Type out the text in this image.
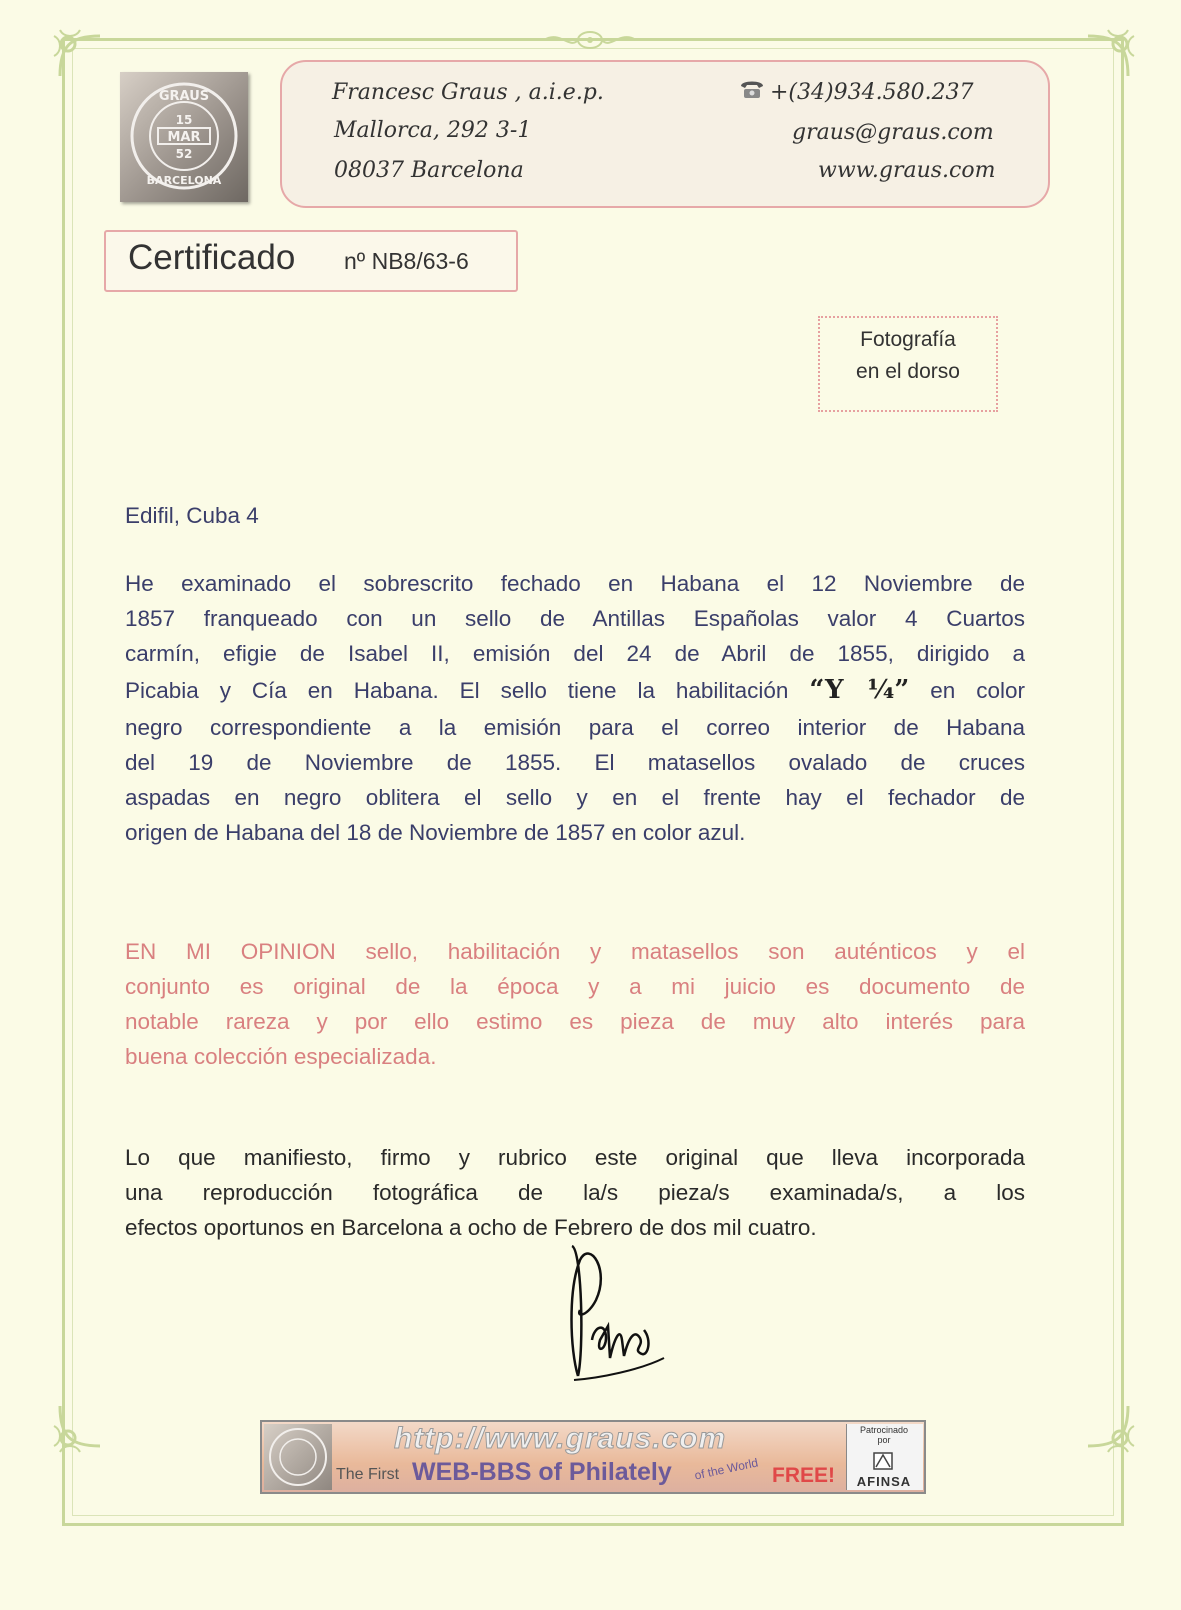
GRAUS
15
MAR
52
BARCELONA
Francesc Graus , a.i.e.p.
Mallorca, 292 3-1
08037 Barcelona
+(34)934.580.237
graus@graus.com
www.graus.com
Certificado nº NB8/63-6
Fotografía
en el dorso
Edifil, Cuba 4
He examinado el sobrescrito fechado en Habana el 12 Noviembre de
1857 franqueado con un sello de Antillas Españolas valor 4 Cuartos
carmín, efigie de Isabel II, emisión del 24 de Abril de 1855, dirigido a
Picabia y Cía en Habana. El sello tiene la habilitación “Y ¼” en color
negro correspondiente a la emisión para el correo interior de Habana
del 19 de Noviembre de 1855. El matasellos ovalado de cruces
aspadas en negro oblitera el sello y en el frente hay el fechador de
origen de Habana del 18 de Noviembre de 1857 en color azul.
EN MI OPINION sello, habilitación y matasellos son auténticos y el
conjunto es original de la época y a mi juicio es documento de
notable rareza y por ello estimo es pieza de muy alto interés para
buena colección especializada.
Lo que manifiesto, firmo y rubrico este original que lleva incorporada
una reproducción fotográfica de la/s pieza/s examinada/s, a los
efectos oportunos en Barcelona a ocho de Febrero de dos mil cuatro.
http://www.graus.com
The First WEB-BBS of Philately of the World FREE!
Patrocinado
por
AFINSA
